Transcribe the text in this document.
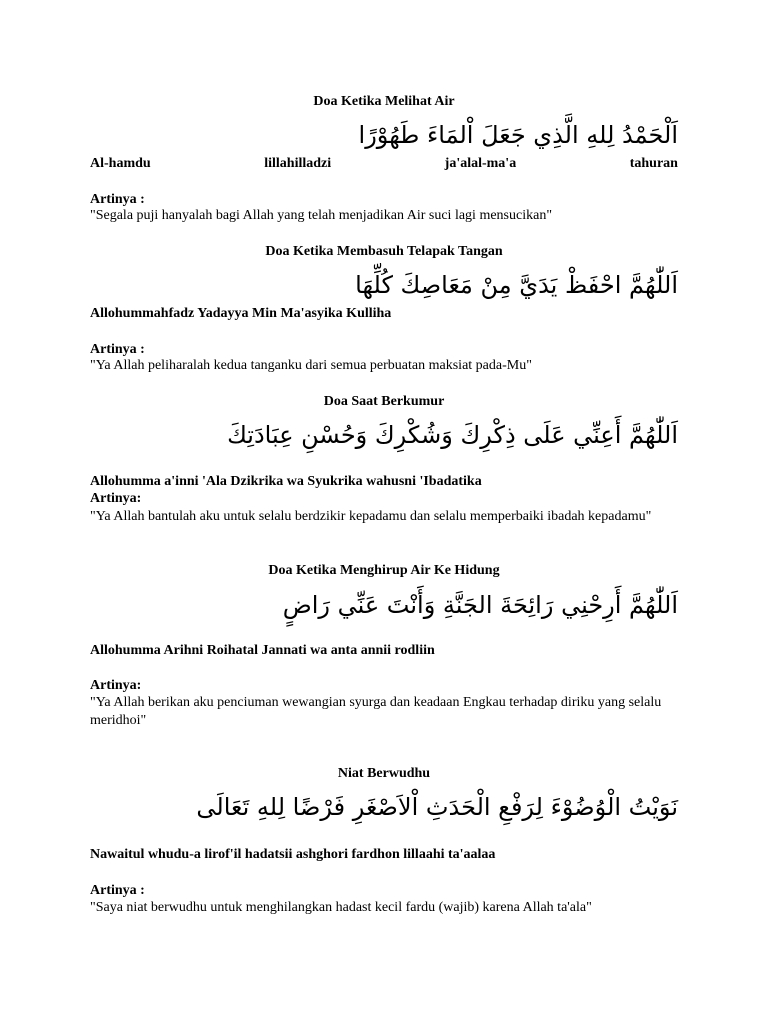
Doa Ketika Melihat Air
اَلْحَمْدُ لِلهِ الَّذِي جَعَلَ اْلمَاءَ طَهُوْرًا
Al-hamdu	lillahilladzi	ja'alal-ma'a	tahuran
Artinya :
"Segala puji hanyalah bagi Allah yang telah menjadikan Air suci lagi mensucikan"
Doa Ketika Membasuh Telapak Tangan
اَللّٰهُمَّ احْفَظْ يَدَيَّ مِنْ مَعَاصِكَ كُلِّهَا
Allohummahfadz Yadayya Min Ma'asyika Kulliha
Artinya :
"Ya Allah peliharalah kedua tanganku dari semua perbuatan maksiat pada-Mu"
Doa Saat Berkumur
اَللّٰهُمَّ أَعِنِّي عَلَى ذِكْرِكَ وَشُكْرِكَ وَحُسْنِ عِبَادَتِكَ
Allohumma a'inni 'Ala Dzikrika wa Syukrika wahusni 'Ibadatika
Artinya:
"Ya Allah bantulah aku untuk selalu berdzikir kepadamu dan selalu memperbaiki ibadah kepadamu"
Doa Ketika Menghirup Air Ke Hidung
اَللّٰهُمَّ أَرِحْنِي رَائِحَةَ الجَنَّةِ وَأَنْتَ عَنِّي رَاضٍ
Allohumma Arihni Roihatal Jannati wa anta annii rodliin
Artinya:
"Ya Allah berikan aku penciuman wewangian syurga dan keadaan Engkau terhadap diriku yang selalu meridhoi"
Niat Berwudhu
نَوَيْتُ الْوُضُوْءَ لِرَفْعِ الْحَدَثِ اْلاَصْغَرِ فَرْضًا لِلهِ تَعَالَى
Nawaitul whudu-a lirof'il hadatsii ashghori fardhon lillaahi ta'aalaa
Artinya :
"Saya niat berwudhu untuk menghilangkan hadast kecil fardu (wajib) karena Allah ta'ala"
